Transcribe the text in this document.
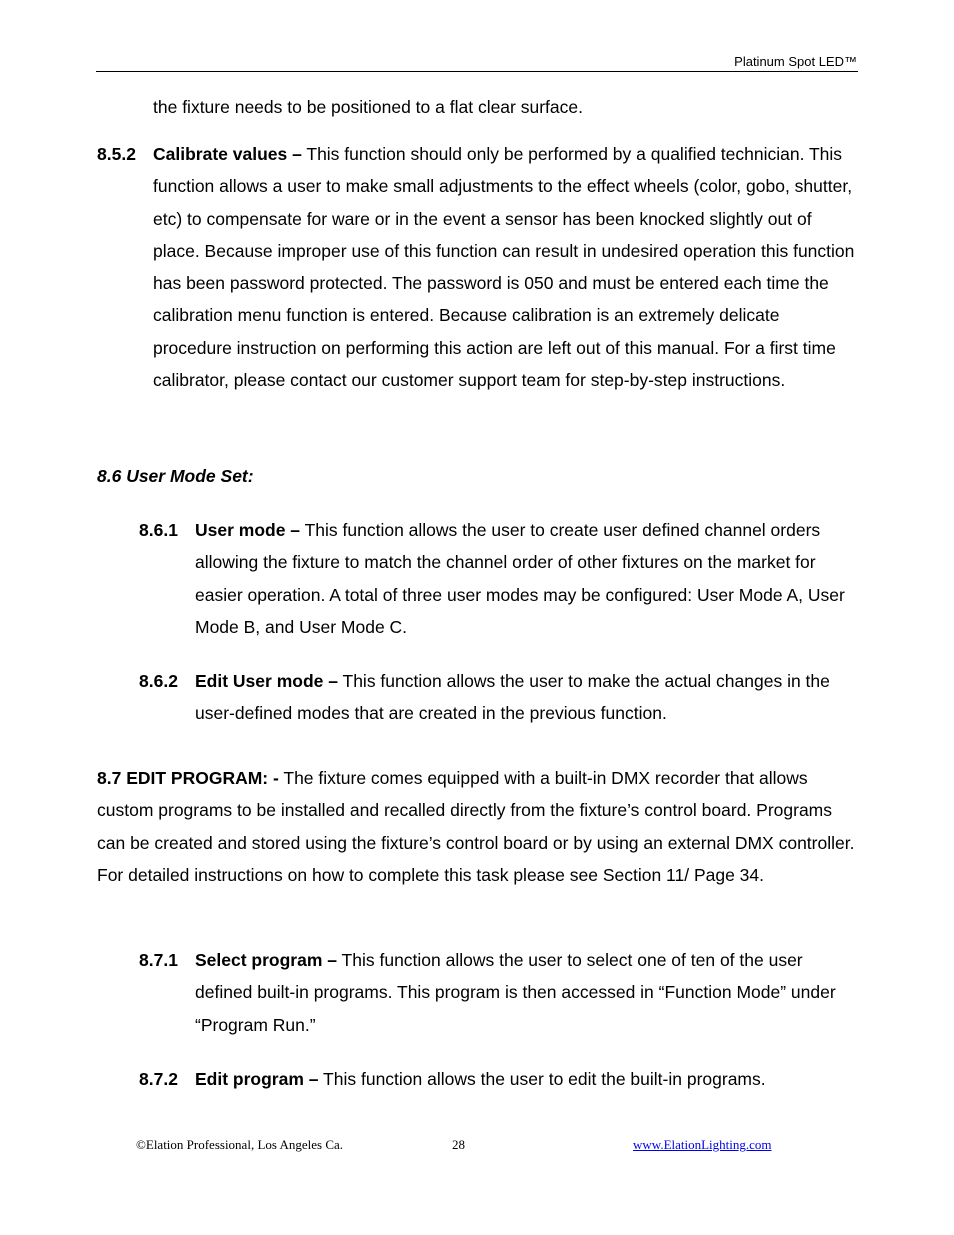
Platinum Spot LED™

the fixture needs to be positioned to a flat clear surface.

8.5.2 Calibrate values – This function should only be performed by a qualified technician. This function allows a user to make small adjustments to the effect wheels (color, gobo, shutter, etc) to compensate for ware or in the event a sensor has been knocked slightly out of place. Because improper use of this function can result in undesired operation this function has been password protected. The password is 050 and must be entered each time the calibration menu function is entered. Because calibration is an extremely delicate procedure instruction on performing this action are left out of this manual. For a first time calibrator, please contact our customer support team for step-by-step instructions.

8.6 User Mode Set:
8.6.1 User mode – This function allows the user to create user defined channel orders allowing the fixture to match the channel order of other fixtures on the market for easier operation. A total of three user modes may be configured: User Mode A, User Mode B, and User Mode C.

8.6.2 Edit User mode – This function allows the user to make the actual changes in the user-defined modes that are created in the previous function.

8.7 EDIT PROGRAM: - The fixture comes equipped with a built-in DMX recorder that allows custom programs to be installed and recalled directly from the fixture’s control board. Programs can be created and stored using the fixture’s control board or by using an external DMX controller. For detailed instructions on how to complete this task please see Section 11/ Page 34.

8.7.1 Select program – This function allows the user to select one of ten of the user defined built-in programs. This program is then accessed in “Function Mode” under “Program Run.”

8.7.2 Edit program – This function allows the user to edit the built-in programs.

©Elation Professional, Los Angeles Ca.	28	www.ElationLighting.com
